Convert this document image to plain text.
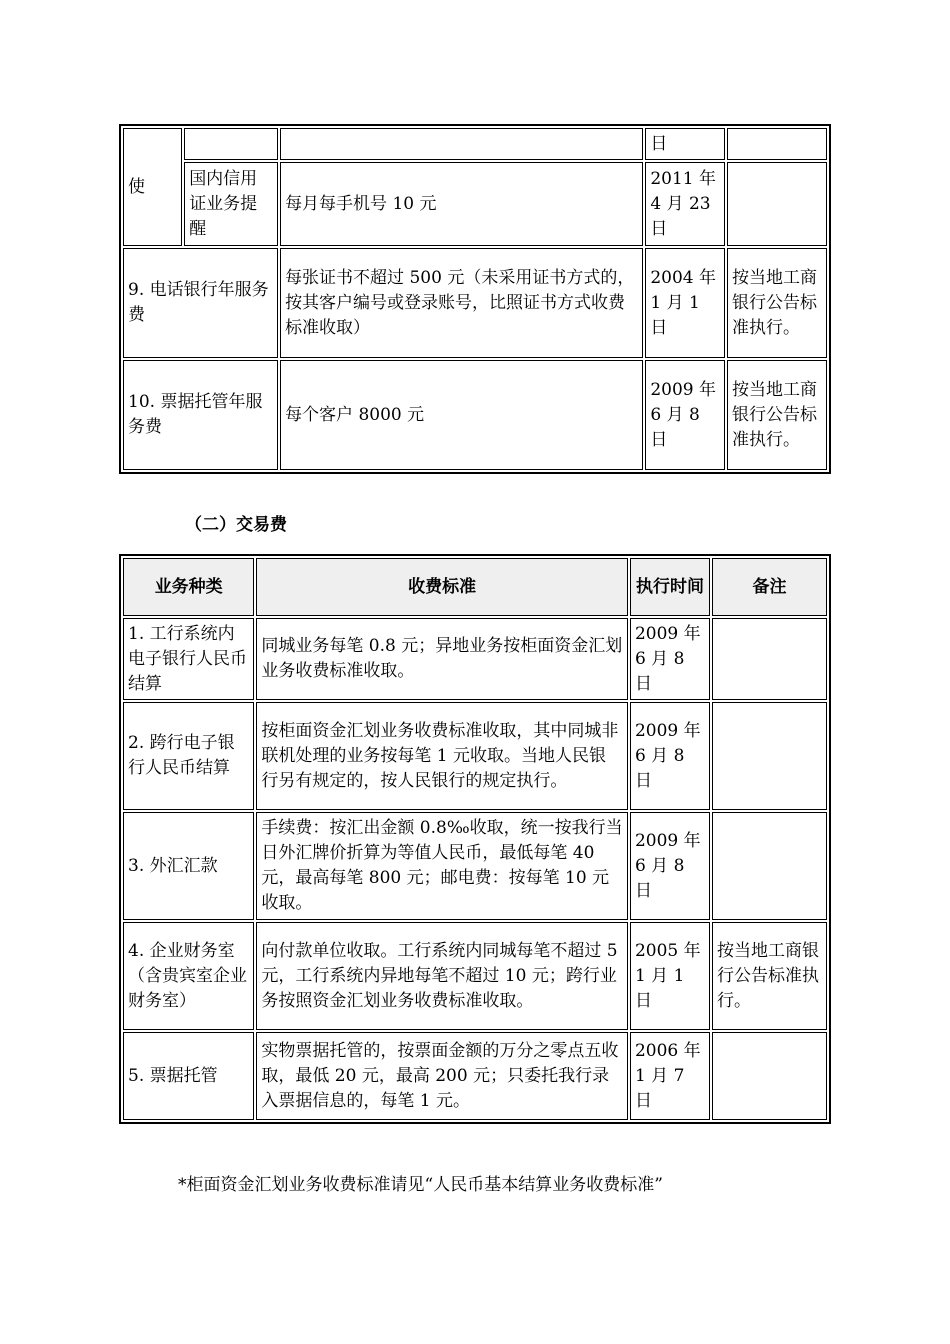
使			日	
	国内信用证业务提醒	每月每手机号 10 元	2011 年 4 月 23 日	
9. 电话银行年服务费		每张证书不超过 500 元（未采用证书方式的，按其客户编号或登录账号，比照证书方式收费标准收取）	2004 年 1 月 1 日	按当地工商银行公告标准执行。
10. 票据托管年服务费		每个客户 8000 元	2009 年 6 月 8 日	按当地工商银行公告标准执行。
（二）交易费
业务种类	收费标准	执行时间	备注
1. 工行系统内电子银行人民币结算	同城业务每笔 0.8 元；异地业务按柜面资金汇划业务收费标准收取。	2009 年 6 月 8 日	
2. 跨行电子银行人民币结算	按柜面资金汇划业务收费标准收取，其中同城非联机处理的业务按每笔 1 元收取。当地人民银行另有规定的，按人民银行的规定执行。	2009 年 6 月 8 日	
3. 外汇汇款	手续费：按汇出金额 0.8‰收取，统一按我行当日外汇牌价折算为等值人民币，最低每笔 40 元，最高每笔 800 元；邮电费：按每笔 10 元收取。	2009 年 6 月 8 日	
4. 企业财务室（含贵宾室企业财务室）	向付款单位收取。工行系统内同城每笔不超过 5 元，工行系统内异地每笔不超过 10 元；跨行业务按照资金汇划业务收费标准收取。	2005 年 1 月 1 日	按当地工商银行公告标准执行。
5. 票据托管	实物票据托管的，按票面金额的万分之零点五收取，最低 20 元，最高 200 元；只委托我行录入票据信息的，每笔 1 元。	2006 年 1 月 7 日	
*柜面资金汇划业务收费标准请见“人民币基本结算业务收费标准”
